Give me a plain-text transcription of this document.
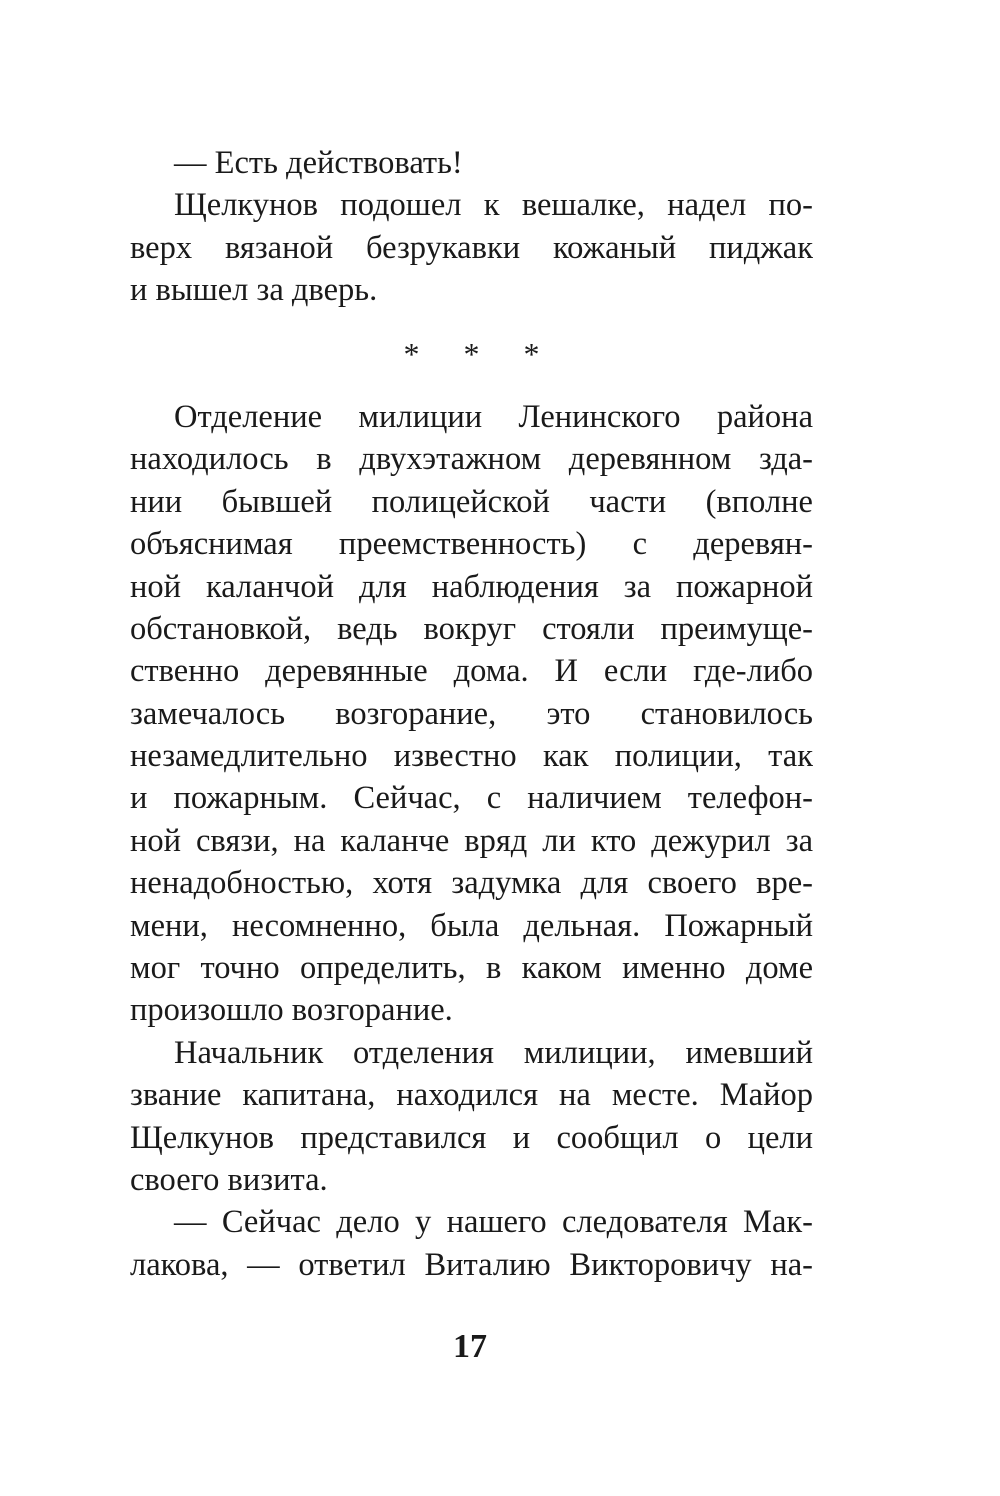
— Есть действовать!
Щелкунов подошел к вешалке, надел по-
верх вязаной безрукавки кожаный пиджак
и вышел за дверь.
* * *
Отделение милиции Ленинского района
находилось в двухэтажном деревянном зда-
нии бывшей полицейской части (вполне
объяснимая преемственность) с деревян-
ной каланчой для наблюдения за пожарной
обстановкой, ведь вокруг стояли преимуще-
ственно деревянные дома. И если где-либо
замечалось возгорание, это становилось
незамедлительно известно как полиции, так
и пожарным. Сейчас, с наличием телефон-
ной связи, на каланче вряд ли кто дежурил за
ненадобностью, хотя задумка для своего вре-
мени, несомненно, была дельная. Пожарный
мог точно определить, в каком именно доме
произошло возгорание.
Начальник отделения милиции, имевший
звание капитана, находился на месте. Майор
Щелкунов представился и сообщил о цели
своего визита.
— Сейчас дело у нашего следователя Мак-
лакова, — ответил Виталию Викторовичу на-
17
